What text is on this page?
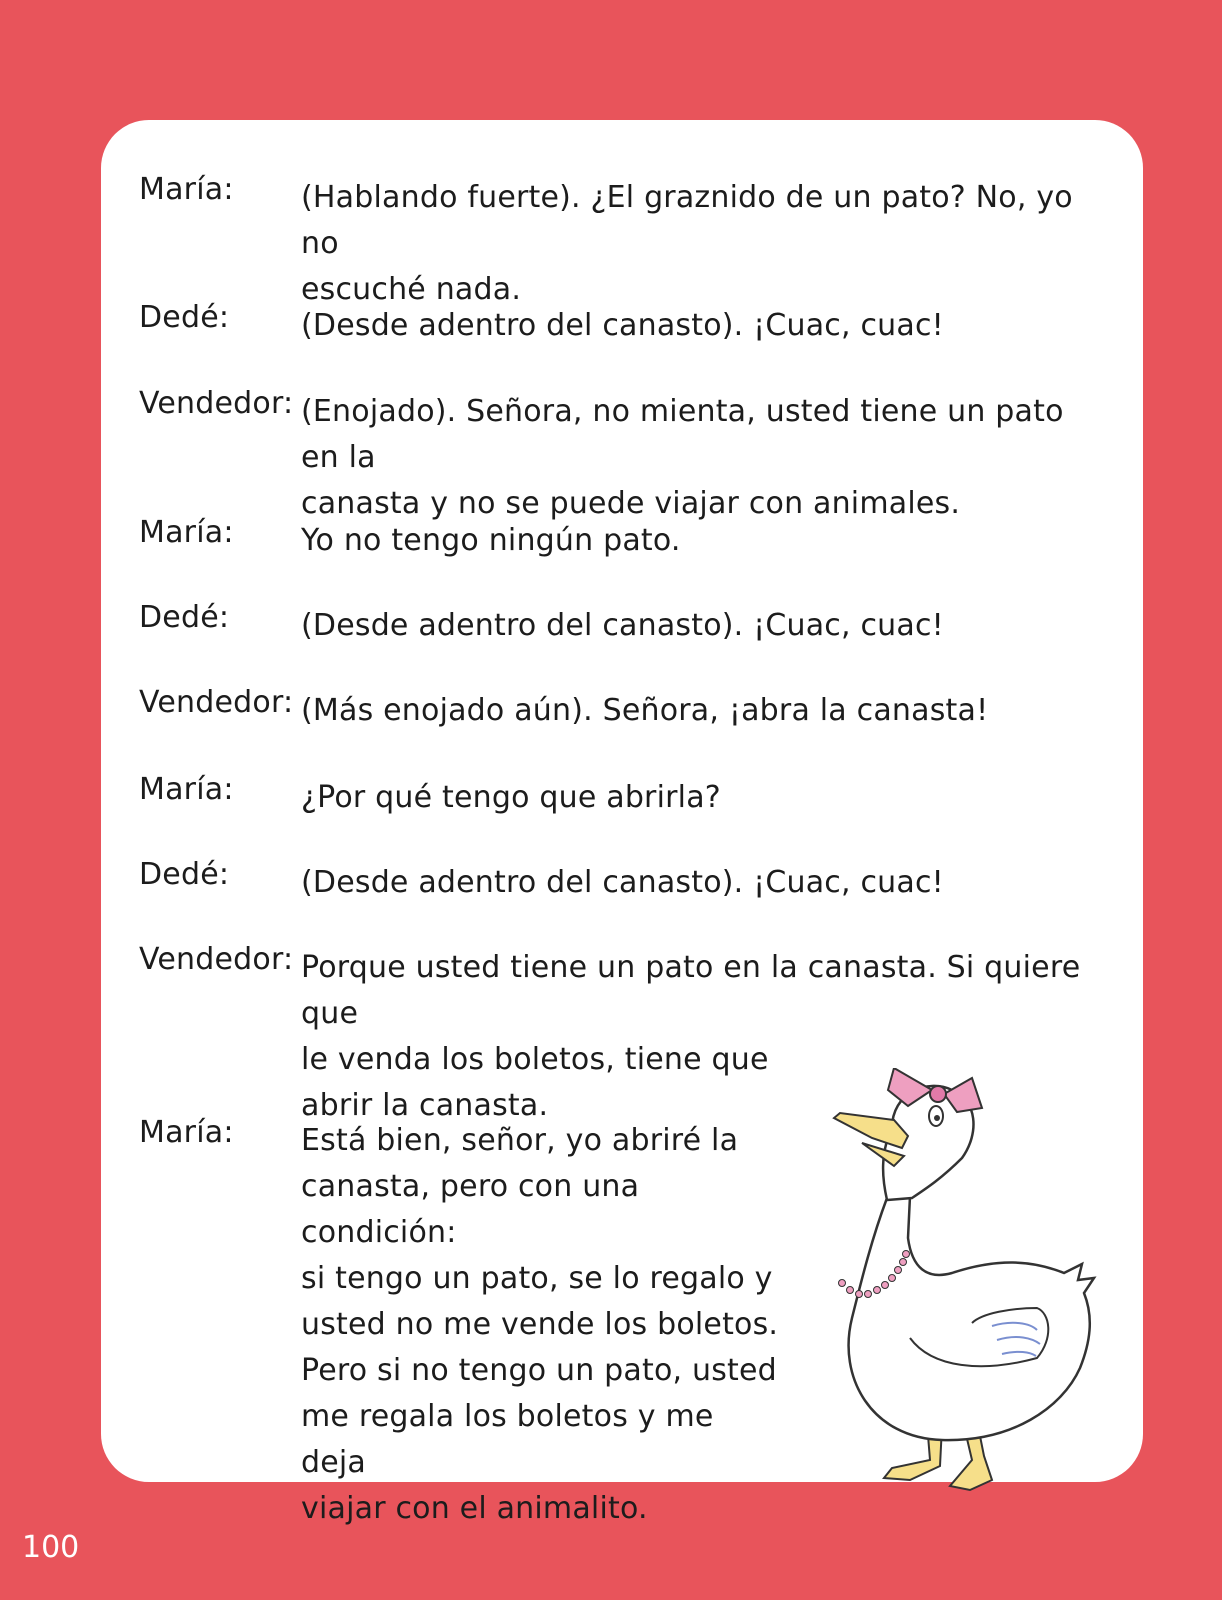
María:	(Hablando fuerte). ¿El graznido de un pato? No, yo no

escuché nada.

Dedé:	(Desde adentro del canasto). ¡Cuac, cuac!

Vendedor: (Enojado). Señora, no mienta, usted tiene un pato en la

canasta y no se puede viajar con animales.

María:	Yo no tengo ningún pato.

Dedé:	(Desde adentro del canasto). ¡Cuac, cuac!

Vendedor: (Más enojado aún). Señora, ¡abra la canasta!

María:	¿Por qué tengo que abrirla?

Dedé:	(Desde adentro del canasto). ¡Cuac, cuac!

Vendedor: Porque usted tiene un pato en la canasta. Si quiere que

le venda los boletos, tiene que

abrir la canasta.

María:	Está bien, señor, yo abriré la

canasta, pero con una condición:

si tengo un pato, se lo regalo y

usted no me vende los boletos.

Pero si no tengo un pato, usted

me regala los boletos y me deja

viajar con el animalito.

100
